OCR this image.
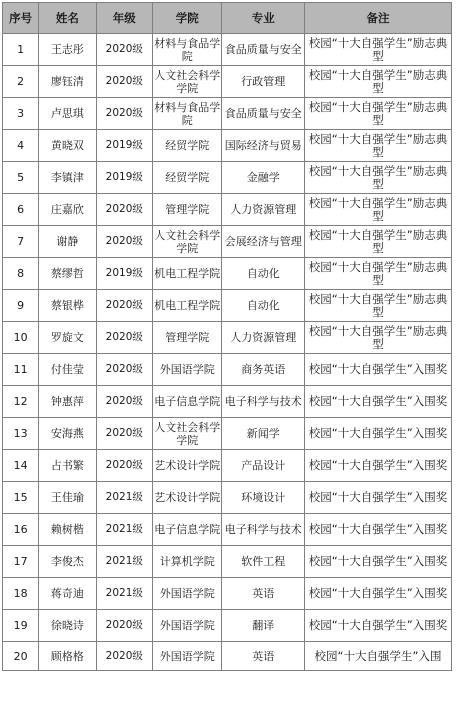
序号	姓名	年级	学院	专业	备注
1	王志彤	2020级	材料与食品学院	食品质量与安全	校园“十大自强学生”励志典型
2	廖钰清	2020级	人文社会科学学院	行政管理	校园“十大自强学生”励志典型
3	卢思琪	2020级	材料与食品学院	食品质量与安全	校园“十大自强学生”励志典型
4	黄晓双	2019级	经贸学院	国际经济与贸易	校园“十大自强学生”励志典型
5	李镇津	2019级	经贸学院	金融学	校园“十大自强学生”励志典型
6	庄嘉欣	2020级	管理学院	人力资源管理	校园“十大自强学生”励志典型
7	谢静	2020级	人文社会科学学院	会展经济与管理	校园“十大自强学生”励志典型
8	蔡缪哲	2019级	机电工程学院	自动化	校园“十大自强学生”励志典型
9	蔡银桦	2020级	机电工程学院	自动化	校园“十大自强学生”励志典型
10	罗旋文	2020级	管理学院	人力资源管理	校园“十大自强学生”励志典型
11	付佳莹	2020级	外国语学院	商务英语	校园“十大自强学生”入围奖
12	钟惠萍	2020级	电子信息学院	电子科学与技术	校园“十大自强学生”入围奖
13	安海燕	2020级	人文社会科学学院	新闻学	校园“十大自强学生”入围奖
14	占书繁	2020级	艺术设计学院	产品设计	校园“十大自强学生”入围奖
15	王佳瑜	2021级	艺术设计学院	环境设计	校园“十大自强学生”入围奖
16	赖树楷	2021级	电子信息学院	电子科学与技术	校园“十大自强学生”入围奖
17	李俊杰	2021级	计算机学院	软件工程	校园“十大自强学生”入围奖
18	蒋奇迪	2021级	外国语学院	英语	校园“十大自强学生”入围奖
19	徐晓诗	2020级	外国语学院	翻译	校园“十大自强学生”入围奖
20	顾格格	2020级	外国语学院	英语	校园“十大自强学生”入围
